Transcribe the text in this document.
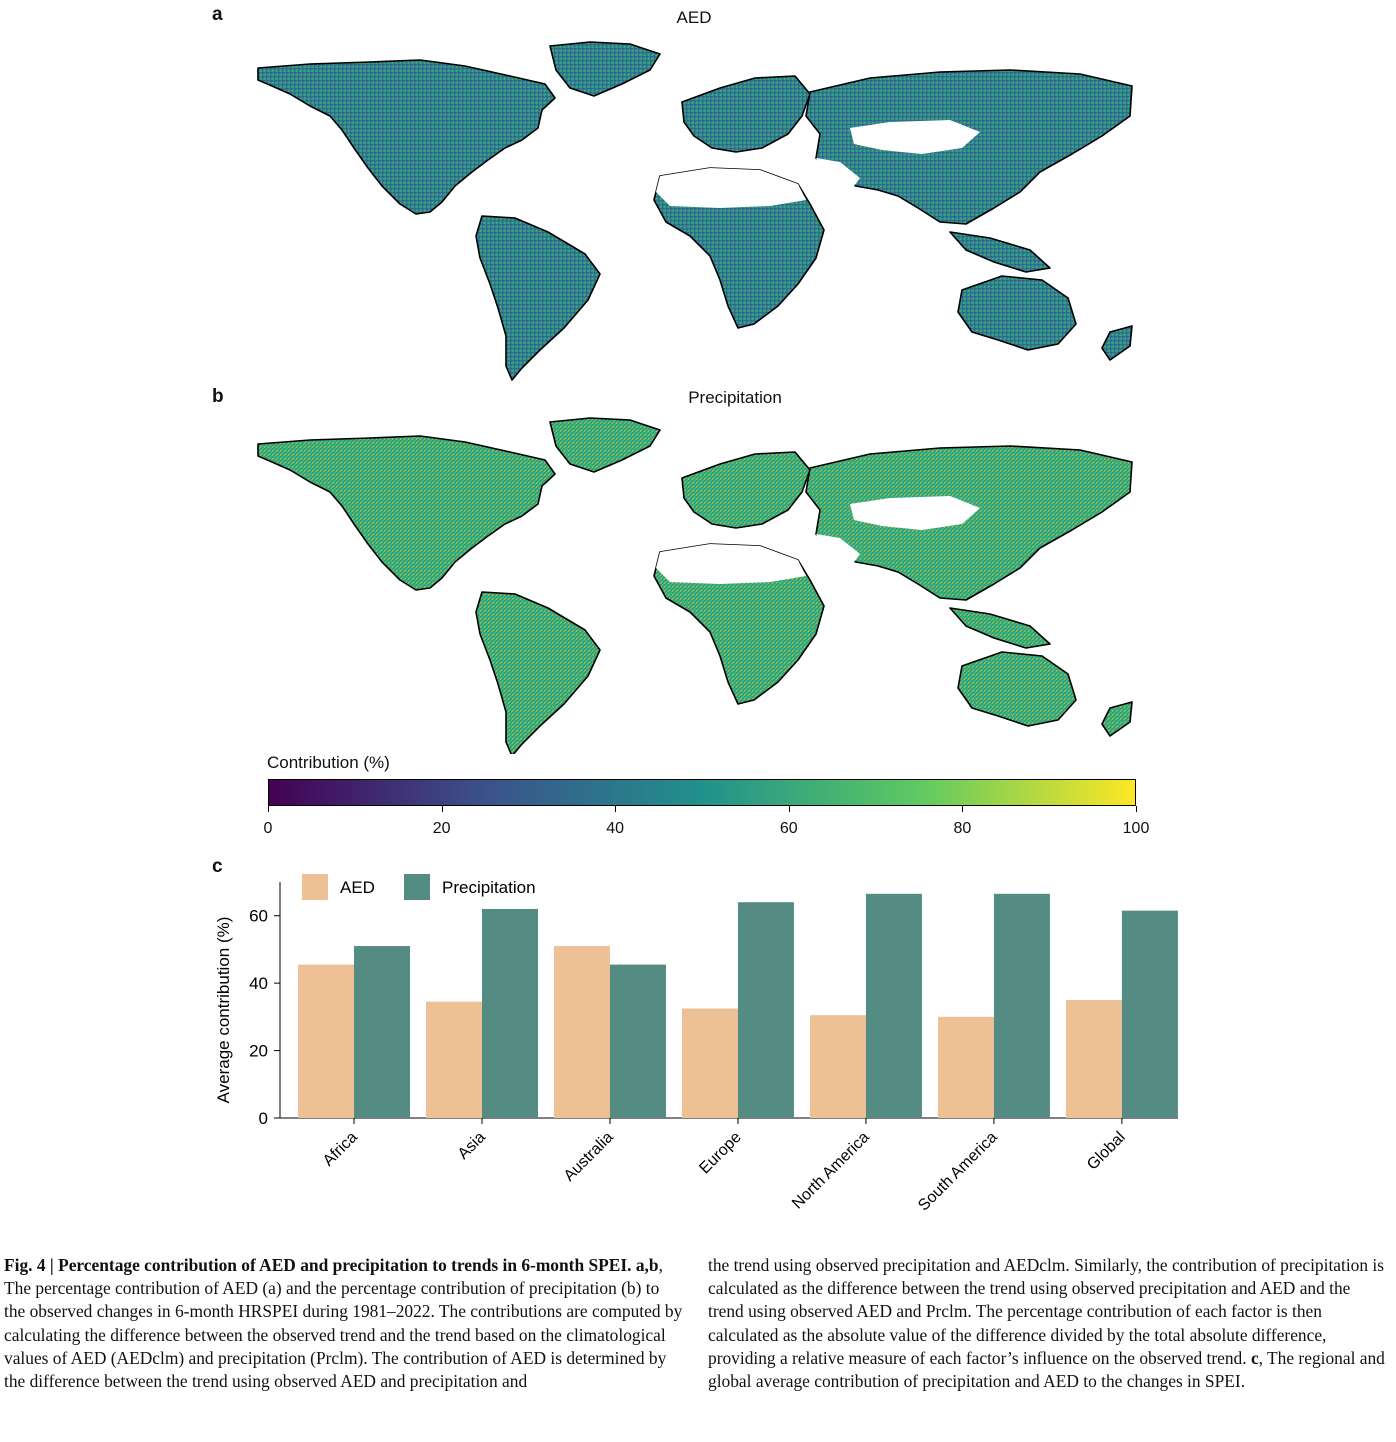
a	AED
b	Precipitation
Contribution (%)
0	20	40	60	80	100
c
0
20
40
60
Average contribution (%)
Africa	Asia	Australia	Europe	North America	South America	Global
AED	Precipitation

Fig. 4 | Percentage contribution of AED and precipitation to trends in 6-month SPEI. a,b, The percentage contribution of AED (a) and the percentage contribution of precipitation (b) to the observed changes in 6-month HRSPEI during 1981–2022. The contributions are computed by calculating the difference between the observed trend and the trend based on the climatological values of AED (AEDclm) and precipitation (Prclm). The contribution of AED is determined by the difference between the trend using observed AED and precipitation and

the trend using observed precipitation and AEDclm. Similarly, the contribution of precipitation is calculated as the difference between the trend using observed precipitation and AED and the trend using observed AED and Prclm. The percentage contribution of each factor is then calculated as the absolute value of the difference divided by the total absolute difference, providing a relative measure of each factor’s influence on the observed trend. c, The regional and global average contribution of precipitation and AED to the changes in SPEI.
